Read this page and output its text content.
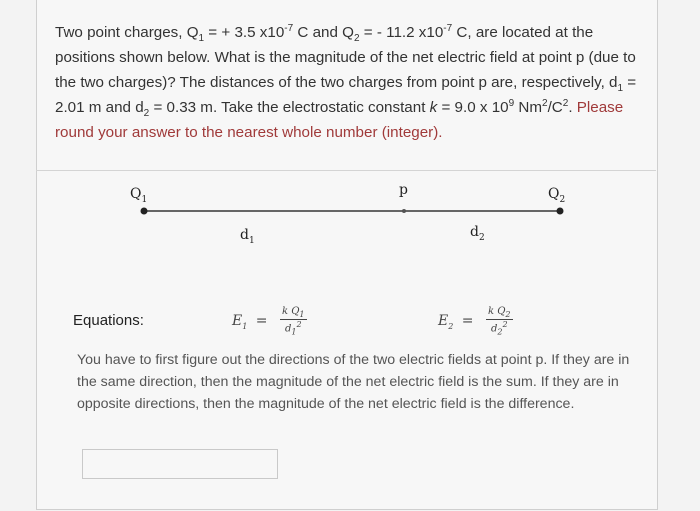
Two point charges, $Q_1$ = + 3.5 $x10^{-7}$ C and $Q_2$ = - 11.2 $x10^{-7}$ C, are located at the
positions shown below. What is the magnitude of the net electric field at point p (due to
the two charges)? The distances of the two charges from point p are, respectively, $d_1$ =
2.01 m and $d_2 = 0.33$ m. Take the electrostatic constant k = 9.0 x $10^9$ $Nm^2/C^2$. Please
round your answer to the nearest whole number (integer).
$Q_1$
p	$Q_2$
$d_1$
$d_2$
Equations:	$E_1 = \frac{k Q_1}{d_1^2}$	$E_2 = \frac{k Q_2}{d_2^2}$
You have to first figure out the directions of the two electric fields at point p. If they are in the same direction, then the magnitude of the net electric field is the sum. If they are in opposite directions, then the magnitude of the net electric field is the difference.
